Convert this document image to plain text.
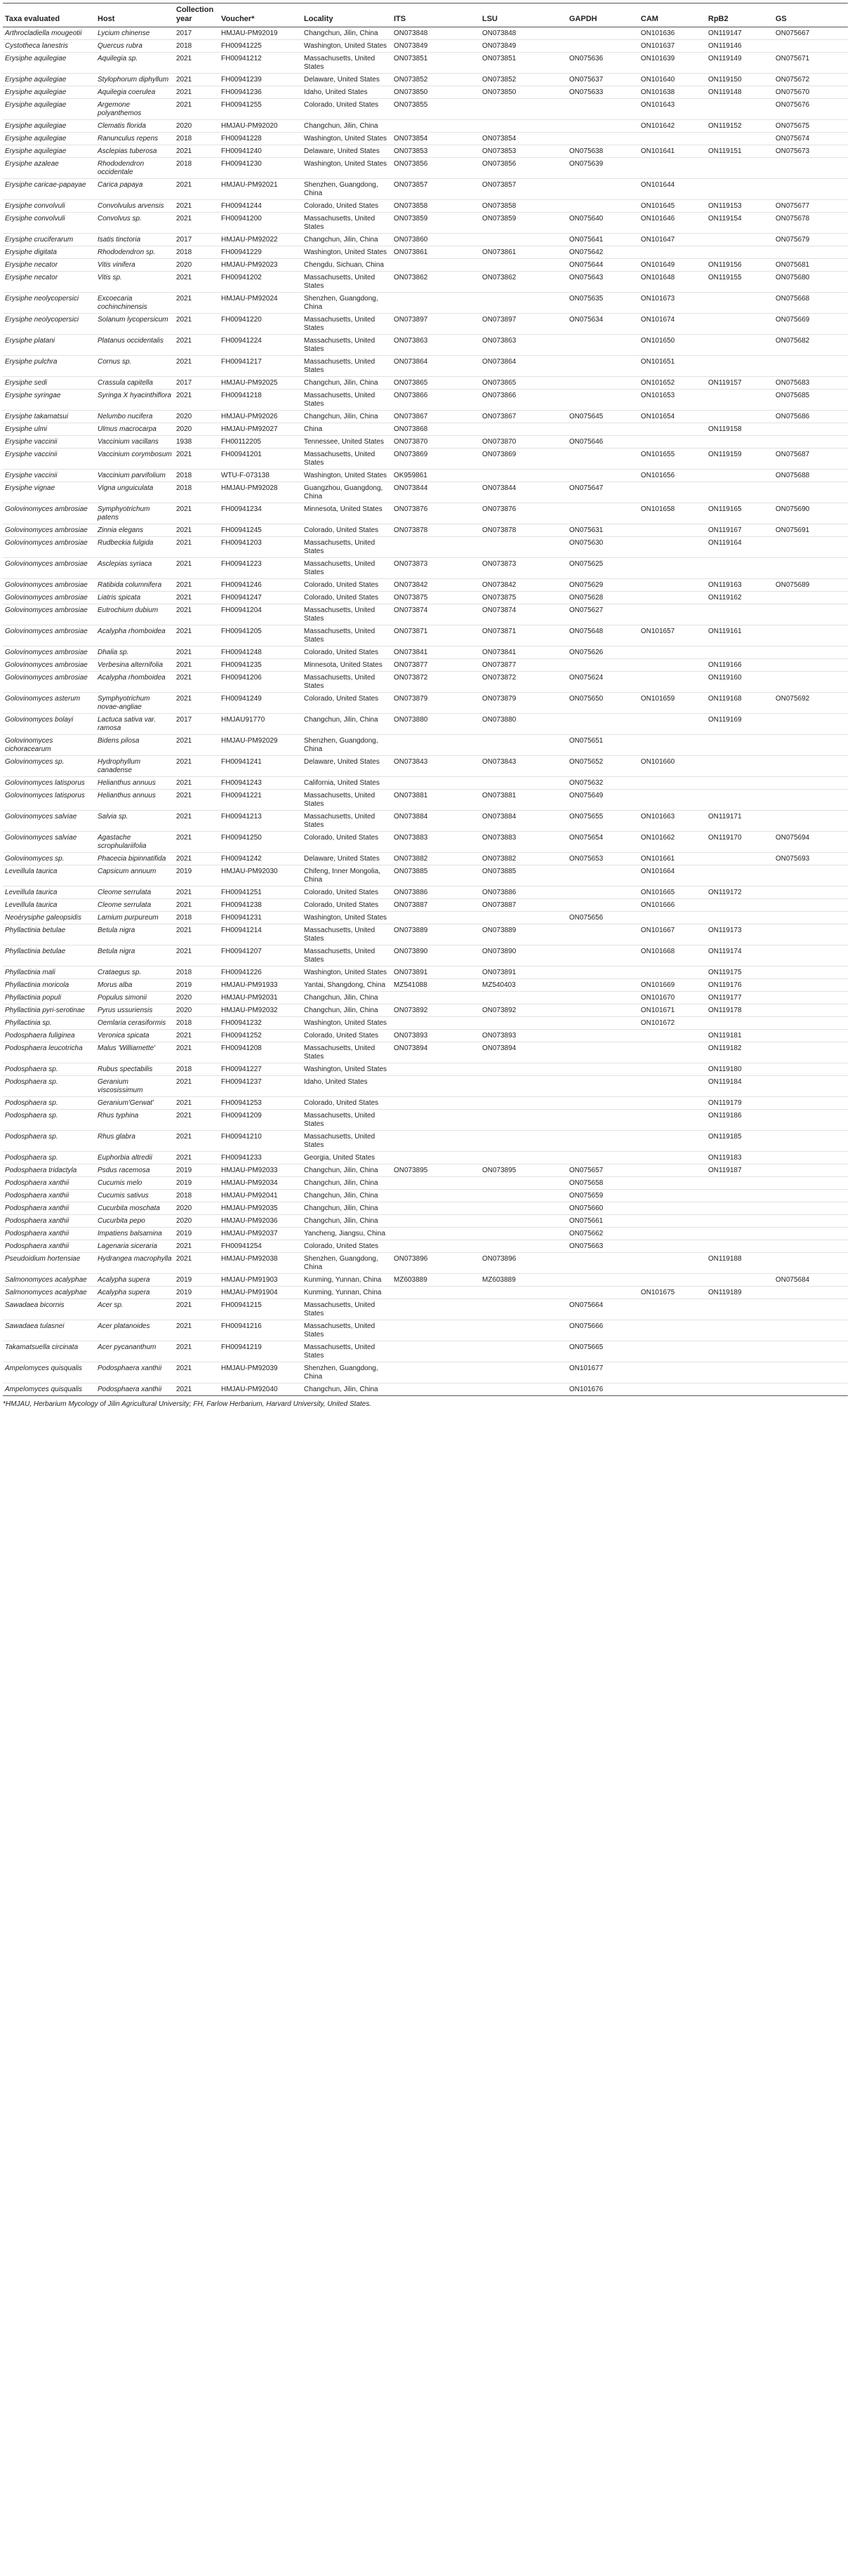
Taxa evaluated	Host	Collection year	Voucher*	Locality	ITS	LSU	GAPDH	CAM	RpB2	GS
Arthrocladiella mougeotii	Lycium chinense	2017	HMJAU-PM92019	Changchun, Jilin, China	ON073848	ON073848		ON101636	ON119147	ON075667
Cystotheca lanestris	Quercus rubra	2018	FH00941225	Washington, United States	ON073849	ON073849		ON101637	ON119146	
Erysiphe aquilegiae	Aquilegia sp.	2021	FH00941212	Massachusetts, United States	ON073851	ON073851	ON075636	ON101639	ON119149	ON075671
Erysiphe aquilegiae	Stylophorum diphyllum	2021	FH00941239	Delaware, United States	ON073852	ON073852	ON075637	ON101640	ON119150	ON075672
Erysiphe aquilegiae	Aquilegia coerulea	2021	FH00941236	Idaho, United States	ON073850	ON073850	ON075633	ON101638	ON119148	ON075670
Erysiphe aquilegiae	Argemone polyanthemos	2021	FH00941255	Colorado, United States	ON073855			ON101643		ON075676
Erysiphe aquilegiae	Clematis florida	2020	HMJAU-PM92020	Changchun, Jilin, China				ON101642	ON119152	ON075675
Erysiphe aquilegiae	Ranunculus repens	2018	FH00941228	Washington, United States	ON073854	ON073854				ON075674
Erysiphe aquilegiae	Asclepias tuberosa	2021	FH00941240	Delaware, United States	ON073853	ON073853	ON075638	ON101641	ON119151	ON075673
Erysiphe azaleae	Rhododendron occidentale	2018	FH00941230	Washington, United States	ON073856	ON073856	ON075639			
Erysiphe caricae-papayae	Carica papaya	2021	HMJAU-PM92021	Shenzhen, Guangdong, China	ON073857	ON073857		ON101644		
Erysiphe convolvuli	Convolvulus arvensis	2021	FH00941244	Colorado, United States	ON073858	ON073858		ON101645	ON119153	ON075677
Erysiphe convolvuli	Convolvus sp.	2021	FH00941200	Massachusetts, United States	ON073859	ON073859	ON075640	ON101646	ON119154	ON075678
Erysiphe cruciferarum	Isatis tinctoria	2017	HMJAU-PM92022	Changchun, Jilin, China	ON073860		ON075641	ON101647		ON075679
Erysiphe digitata	Rhododendron sp.	2018	FH00941229	Washington, United States	ON073861	ON073861	ON075642			
Erysiphe necator	Vitis vinifera	2020	HMJAU-PM92023	Chengdu, Sichuan, China			ON075644	ON101649	ON119156	ON075681
Erysiphe necator	Vitis sp.	2021	FH00941202	Massachusetts, United States	ON073862	ON073862	ON075643	ON101648	ON119155	ON075680
Erysiphe neolycopersici	Excoecaria cochinchinensis	2021	HMJAU-PM92024	Shenzhen, Guangdong, China			ON075635	ON101673		ON075668
Erysiphe neolycopersici	Solanum lycopersicum	2021	FH00941220	Massachusetts, United States	ON073897	ON073897	ON075634	ON101674		ON075669
Erysiphe platani	Platanus occidentalis	2021	FH00941224	Massachusetts, United States	ON073863	ON073863		ON101650		ON075682
Erysiphe pulchra	Cornus sp.	2021	FH00941217	Massachusetts, United States	ON073864	ON073864		ON101651		
Erysiphe sedi	Crassula capitella	2017	HMJAU-PM92025	Changchun, Jilin, China	ON073865	ON073865		ON101652	ON119157	ON075683
Erysiphe syringae	Syringa X hyacinthiflora	2021	FH00941218	Massachusetts, United States	ON073866	ON073866		ON101653		ON075685
Erysiphe takamatsui	Nelumbo nucifera	2020	HMJAU-PM92026	Changchun, Jilin, China	ON073867	ON073867	ON075645	ON101654		ON075686
Erysiphe ulmi	Ulmus macrocarpa	2020	HMJAU-PM92027	China	ON073868				ON119158	
Erysiphe vaccinii	Vaccinium vacillans	1938	FH00112205	Tennessee, United States	ON073870	ON073870	ON075646			
Erysiphe vaccinii	Vaccinium corymbosum	2021	FH00941201	Massachusetts, United States	ON073869	ON073869		ON101655	ON119159	ON075687
Erysiphe vaccinii	Vaccinium parvifolium	2018	WTU-F-073138	Washington, United States	OK959861			ON101656		ON075688
Erysiphe vignae	Vigna unguiculata	2018	HMJAU-PM92028	Guangzhou, Guangdong, China	ON073844	ON073844	ON075647			
Golovinomyces ambrosiae	Symphyotrichum patens	2021	FH00941234	Minnesota, United States	ON073876	ON073876		ON101658	ON119165	ON075690
Golovinomyces ambrosiae	Zinnia elegans	2021	FH00941245	Colorado, United States	ON073878	ON073878	ON075631		ON119167	ON075691
Golovinomyces ambrosiae	Rudbeckia fulgida	2021	FH00941203	Massachusetts, United States			ON075630		ON119164	
Golovinomyces ambrosiae	Asclepias syriaca	2021	FH00941223	Massachusetts, United States	ON073873	ON073873	ON075625			
Golovinomyces ambrosiae	Ratibida columnifera	2021	FH00941246	Colorado, United States	ON073842	ON073842	ON075629		ON119163	ON075689
Golovinomyces ambrosiae	Liatris spicata	2021	FH00941247	Colorado, United States	ON073875	ON073875	ON075628		ON119162	
Golovinomyces ambrosiae	Eutrochium dubium	2021	FH00941204	Massachusetts, United States	ON073874	ON073874	ON075627			
Golovinomyces ambrosiae	Acalypha rhomboidea	2021	FH00941205	Massachusetts, United States	ON073871	ON073871	ON075648	ON101657	ON119161	
Golovinomyces ambrosiae	Dhalia sp.	2021	FH00941248	Colorado, United States	ON073841	ON073841	ON075626			
Golovinomyces ambrosiae	Verbesina alternifolia	2021	FH00941235	Minnesota, United States	ON073877	ON073877			ON119166	
Golovinomyces ambrosiae	Acalypha rhomboidea	2021	FH00941206	Massachusetts, United States	ON073872	ON073872	ON075624		ON119160	
Golovinomyces asterum	Symphyotrichum novae-angliae	2021	FH00941249	Colorado, United States	ON073879	ON073879	ON075650	ON101659	ON119168	ON075692
Golovinomyces bolayi	Lactuca sativa var. ramosa	2017	HMJAU91770	Changchun, Jilin, China	ON073880	ON073880			ON119169	
Golovinomyces cichoracearum	Bidens pilosa	2021	HMJAU-PM92029	Shenzhen, Guangdong, China			ON075651			
Golovinomyces sp.	Hydrophyllum canadense	2021	FH00941241	Delaware, United States	ON073843	ON073843	ON075652	ON101660		
Golovinomyces latisporus	Helianthus annuus	2021	FH00941243	California, United States			ON075632			
Golovinomyces latisporus	Helianthus annuus	2021	FH00941221	Massachusetts, United States	ON073881	ON073881	ON075649			
Golovinomyces salviae	Salvia sp.	2021	FH00941213	Massachusetts, United States	ON073884	ON073884	ON075655	ON101663	ON119171	
Golovinomyces salviae	Agastache scrophulariifolia	2021	FH00941250	Colorado, United States	ON073883	ON073883	ON075654	ON101662	ON119170	ON075694
Golovinomyces sp.	Phacecia bipinnatifida	2021	FH00941242	Delaware, United States	ON073882	ON073882	ON075653	ON101661		ON075693
Leveillula taurica	Capsicum annuum	2019	HMJAU-PM92030	Chifeng, Inner Mongolia, China	ON073885	ON073885		ON101664		
Leveillula taurica	Cleome serrulata	2021	FH00941251	Colorado, United States	ON073886	ON073886		ON101665	ON119172	
Leveillula taurica	Cleome serrulata	2021	FH00941238	Colorado, United States	ON073887	ON073887		ON101666		
Neoérysiphe galeopsidis	Lamium purpureum	2018	FH00941231	Washington, United States			ON075656			
Phyllactinia betulae	Betula nigra	2021	FH00941214	Massachusetts, United States	ON073889	ON073889		ON101667	ON119173	
Phyllactinia betulae	Betula nigra	2021	FH00941207	Massachusetts, United States	ON073890	ON073890		ON101668	ON119174	
Phyllactinia mali	Crataegus sp.	2018	FH00941226	Washington, United States	ON073891	ON073891			ON119175	
Phyllactinia moricola	Morus alba	2019	HMJAU-PM91933	Yantai, Shangdong, China	MZ541088	MZ540403		ON101669	ON119176	
Phyllactinia populi	Populus simonii	2020	HMJAU-PM92031	Changchun, Jilin, China				ON101670	ON119177	
Phyllactinia pyri-serotinae	Pyrus ussuriensis	2020	HMJAU-PM92032	Changchun, Jilin, China	ON073892	ON073892		ON101671	ON119178	
Phyllactinia sp.	Oemlaria cerasiformis	2018	FH00941232	Washington, United States				ON101672		
Podosphaera fuliginea	Veronica spicata	2021	FH00941252	Colorado, United States	ON073893	ON073893			ON119181	
Podosphaera leucotricha	Malus 'Williamette'	2021	FH00941208	Massachusetts, United States	ON073894	ON073894			ON119182	
Podosphaera sp.	Rubus spectabilis	2018	FH00941227	Washington, United States					ON119180	
Podosphaera sp.	Geranium viscosissimum	2021	FH00941237	Idaho, United States					ON119184	
Podosphaera sp.	Geranium'Gerwat'	2021	FH00941253	Colorado, United States					ON119179	
Podosphaera sp.	Rhus typhina	2021	FH00941209	Massachusetts, United States					ON119186	
Podosphaera sp.	Rhus glabra	2021	FH00941210	Massachusetts, United States					ON119185	
Podosphaera sp.	Euphorbia altredii	2021	FH00941233	Georgia, United States					ON119183	
Podosphaera tridactyla	Psdus racemosa	2019	HMJAU-PM92033	Changchun, Jilin, China	ON073895	ON073895	ON075657		ON119187	
Podosphaera xanthii	Cucumis melo	2019	HMJAU-PM92034	Changchun, Jilin, China			ON075658			
Podosphaera xanthii	Cucumis sativus	2018	HMJAU-PM92041	Changchun, Jilin, China			ON075659			
Podosphaera xanthii	Cucurbita moschata	2020	HMJAU-PM92035	Changchun, Jilin, China			ON075660			
Podosphaera xanthii	Cucurbita pepo	2020	HMJAU-PM92036	Changchun, Jilin, China			ON075661			
Podosphaera xanthii	Impatiens balsamina	2019	HMJAU-PM92037	Yancheng, Jiangsu, China			ON075662			
Podosphaera xanthii	Lagenaria siceraria	2021	FH00941254	Colorado, United States			ON075663			
Pseudoidium hortensiae	Hydrangea macrophylla	2021	HMJAU-PM92038	Shenzhen, Guangdong, China	ON073896	ON073896			ON119188	
Salmonomyces acalyphae	Acalypha supera	2019	HMJAU-PM91903	Kunming, Yunnan, China	MZ603889	MZ603889				ON075684
Salmonomyces acalyphae	Acalypha supera	2019	HMJAU-PM91904	Kunming, Yunnan, China				ON101675	ON119189	
Sawadaea bicornis	Acer sp.	2021	FH00941215	Massachusetts, United States			ON075664			
Sawadaea tulasnei	Acer platanoides	2021	FH00941216	Massachusetts, United States			ON075666			
Takamatsuella circinata	Acer pycananthum	2021	FH00941219	Massachusetts, United States			ON075665			
Ampelomyces quisqualis	Podosphaera xanthii	2021	HMJAU-PM92039	Shenzhen, Guangdong, China			ON101677			
Ampelomyces quisqualis	Podosphaera xanthii	2021	HMJAU-PM92040	Changchun, Jilin, China			ON101676			
*HMJAU, Herbarium Mycology of Jilin Agricultural University; FH, Farlow Herbarium, Harvard University, United States.
